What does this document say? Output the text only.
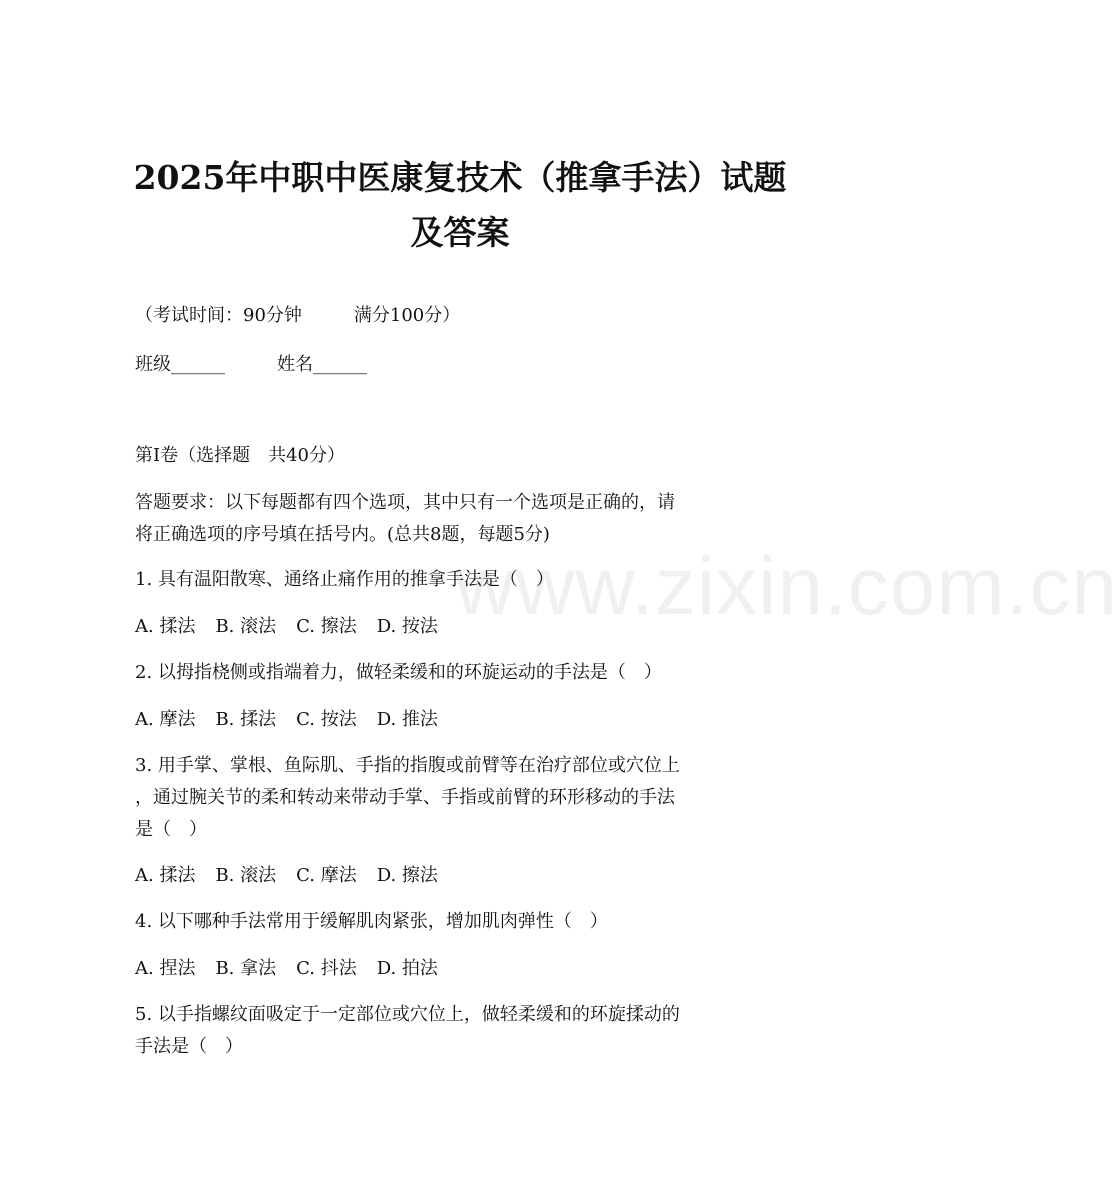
www.zixin.com.cn
2025年中职中医康复技术（推拿手法）试题
及答案
（考试时间：90分钟	满分100分）
班级______	姓名______
第Ⅰ卷（选择题　共40分）
答题要求：以下每题都有四个选项，其中只有一个选项是正确的，请
将正确选项的序号填在括号内。(总共8题，每题5分)
1. 具有温阳散寒、通络止痛作用的推拿手法是（　）
A. 揉法 B. 滚法 C. 擦法 D. 按法
2. 以拇指桡侧或指端着力，做轻柔缓和的环旋运动的手法是（　）
A. 摩法 B. 揉法 C. 按法 D. 推法
3. 用手掌、掌根、鱼际肌、手指的指腹或前臂等在治疗部位或穴位上
，通过腕关节的柔和转动来带动手掌、手指或前臂的环形移动的手法
是（　）
A. 揉法 B. 滚法 C. 摩法 D. 擦法
4. 以下哪种手法常用于缓解肌肉紧张，增加肌肉弹性（　）
A. 捏法 B. 拿法 C. 抖法 D. 拍法
5. 以手指螺纹面吸定于一定部位或穴位上，做轻柔缓和的环旋揉动的
手法是（　）
